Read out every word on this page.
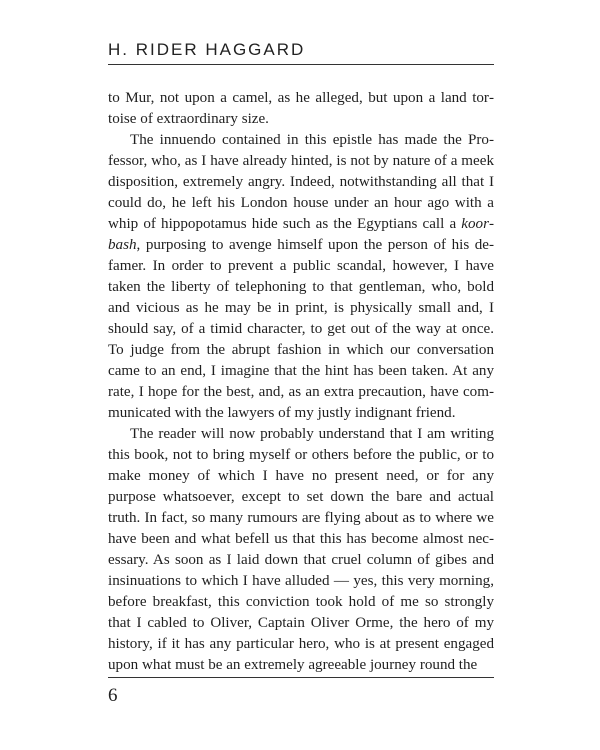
H. RIDER HAGGARD

to Mur, not upon a camel, as he alleged, but upon a land tortoise of extraordinary size.

The innuendo contained in this epistle has made the Professor, who, as I have already hinted, is not by nature of a meek disposition, extremely angry. Indeed, notwithstanding all that I could do, he left his London house under an hour ago with a whip of hippopotamus hide such as the Egyptians call a koorbash, purposing to avenge himself upon the person of his defamer. In order to prevent a public scandal, however, I have taken the liberty of telephoning to that gentleman, who, bold and vicious as he may be in print, is physically small and, I should say, of a timid character, to get out of the way at once. To judge from the abrupt fashion in which our conversation came to an end, I imagine that the hint has been taken. At any rate, I hope for the best, and, as an extra precaution, have communicated with the lawyers of my justly indignant friend.

The reader will now probably understand that I am writing this book, not to bring myself or others before the public, or to make money of which I have no present need, or for any purpose whatsoever, except to set down the bare and actual truth. In fact, so many rumours are flying about as to where we have been and what befell us that this has become almost necessary. As soon as I laid down that cruel column of gibes and insinuations to which I have alluded — yes, this very morning, before breakfast, this conviction took hold of me so strongly that I cabled to Oliver, Captain Oliver Orme, the hero of my history, if it has any particular hero, who is at present engaged upon what must be an extremely agreeable journey round the

6
